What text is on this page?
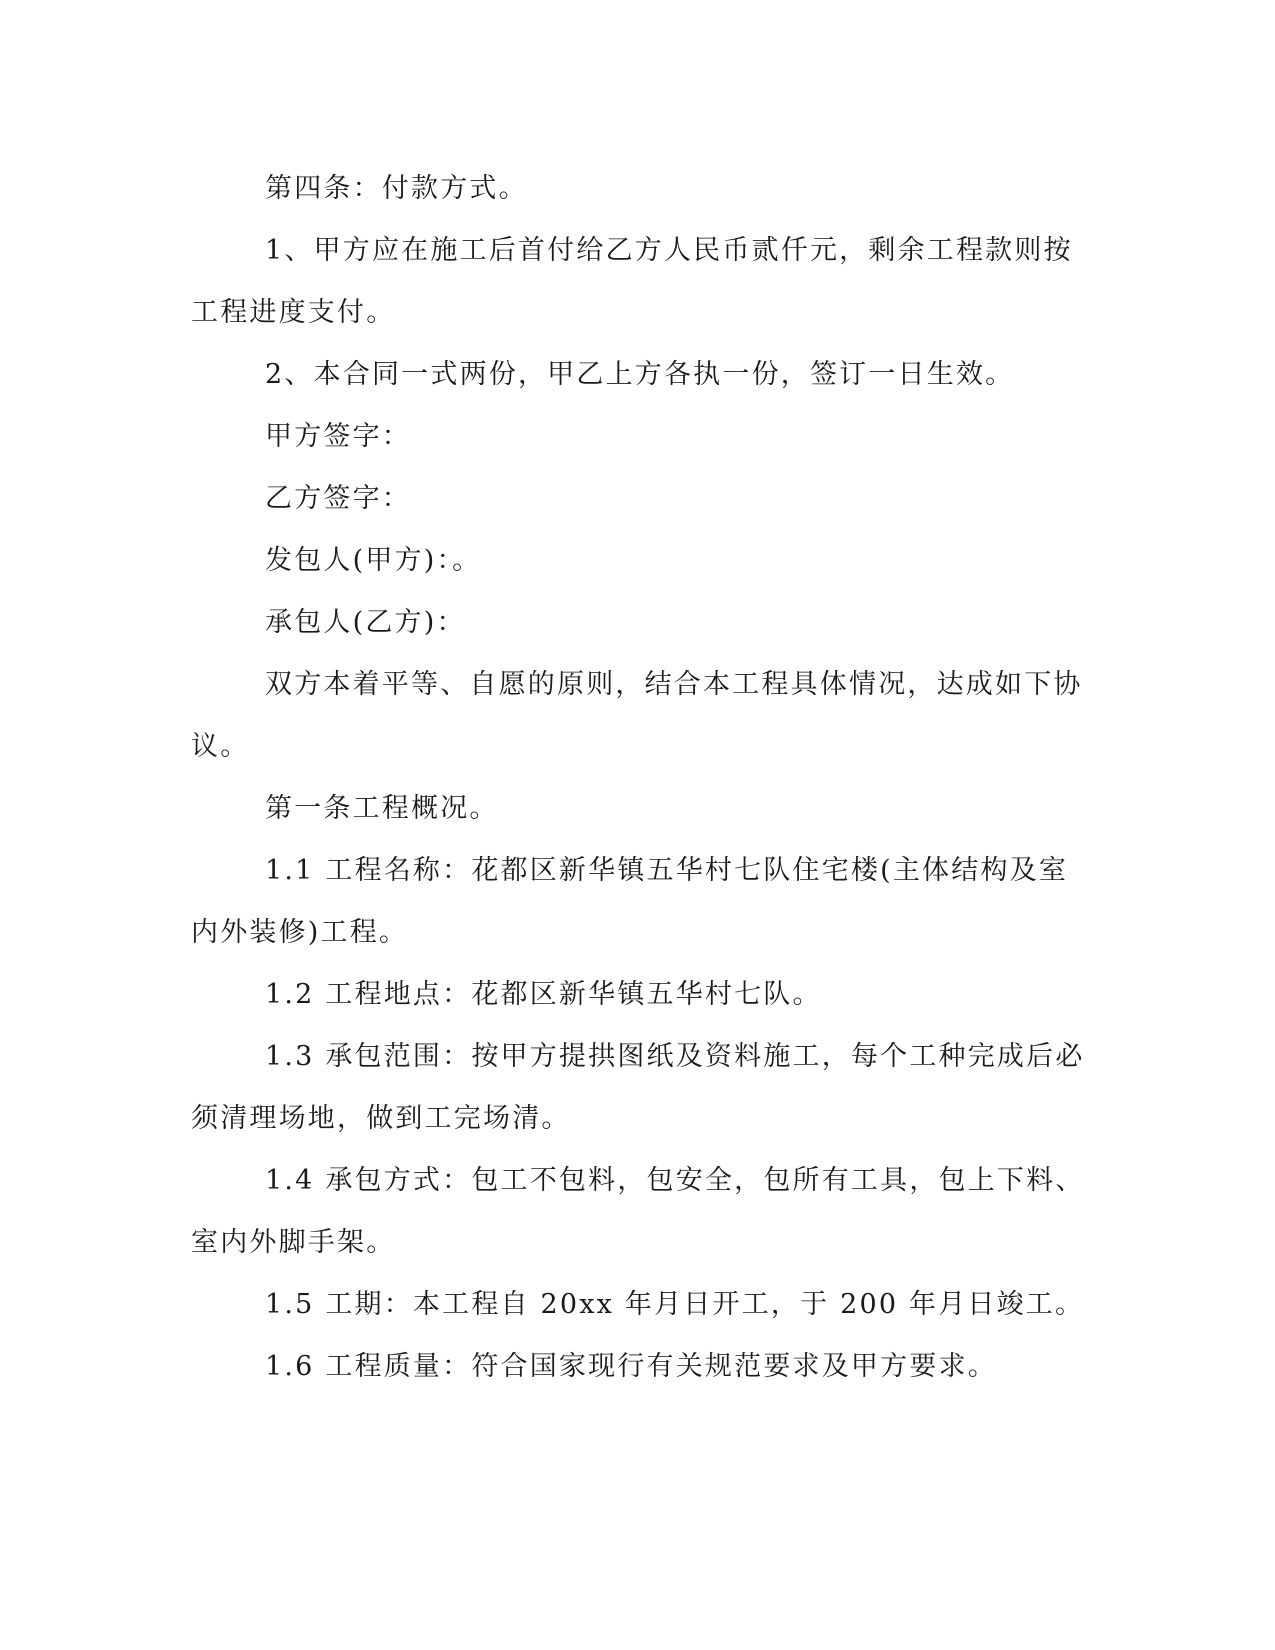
第四条：付款方式。

1、甲方应在施工后首付给乙方人民币贰仟元，剩余工程款则按工程进度支付。

2、本合同一式两份，甲乙上方各执一份，签订一日生效。

甲方签字：

乙方签字：

发包人(甲方)：。

承包人(乙方)：

双方本着平等、自愿的原则，结合本工程具体情况，达成如下协议。

第一条工程概况。

1.1 工程名称：花都区新华镇五华村七队住宅楼(主体结构及室内外装修)工程。

1.2 工程地点：花都区新华镇五华村七队。

1.3 承包范围：按甲方提拱图纸及资料施工，每个工种完成后必须清理场地，做到工完场清。

1.4 承包方式：包工不包料，包安全，包所有工具，包上下料、室内外脚手架。

1.5 工期：本工程自 20xx 年月日开工，于 200 年月日竣工。

1.6 工程质量：符合国家现行有关规范要求及甲方要求。
